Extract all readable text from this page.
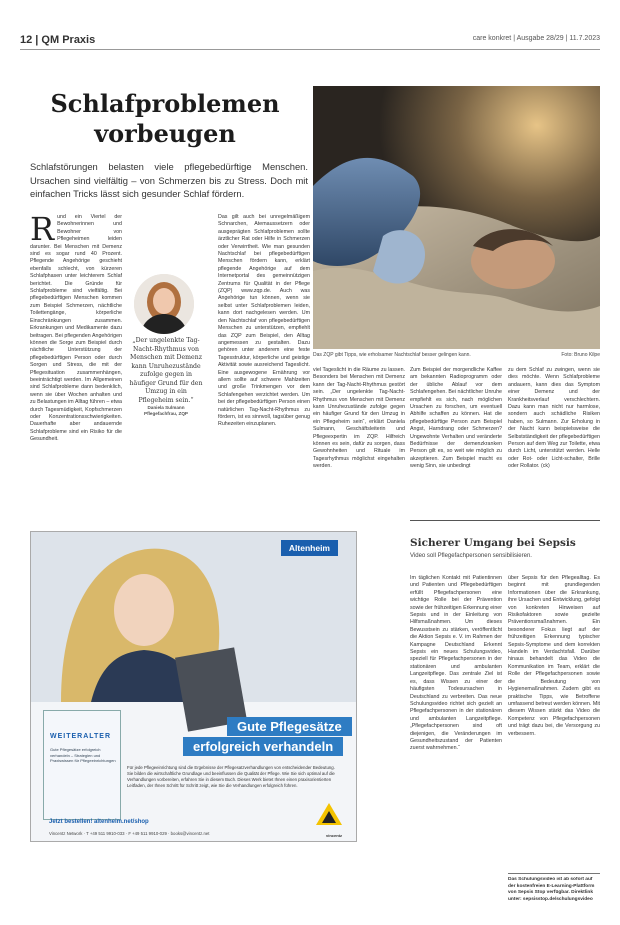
12 | QM Praxis	care konkret | Ausgabe 28/29 | 11.7.2023
Schlafproblemen
vorbeugen

Schlafstörungen belasten viele pflegebedürftige Menschen. Ursachen sind vielfältig – von Schmerzen bis zu Stress. Doch mit einfachen Tricks lässt sich gesunder Schlaf fördern.

Das ZQP gibt Tipps, wie erholsamer Nachtschlaf besser gelingen kann.	Foto: Bruno Kilpe
Rund ein Viertel der Bewohnerinnen und Bewohner von Pflegeheimen leiden darunter. Bei Menschen mit Demenz sind es sogar rund 40 Prozent. Pflegende Angehörige geschieht ebenfalls schlecht, von kürzeren Schlafphasen unter leichterem Schlaf berichtet. Die Gründe für Schlafprobleme sind vielfältig. Bei pflegebedürftigen Menschen kommen zum Beispiel Schmerzen, nächtliche Toilettengänge, körperliche Einschränkungen zusammen. Erkrankungen und Medikamente dazu beitragen. Bei pflegenden Angehörigen können die Sorge zum Beispiel durch nächtliche Unterstützung der pflegebedürftigen Person oder durch Sorgen und Stress, die mit der Pflegesituation zusammenhängen, beeinträchtigt werden. Im Allgemeinen sind Schlafprobleme dann bedenklich, wenn sie über Wochen anhalten und zu Belastungen im Alltag führen – etwa durch Tagesmüdigkeit, Kopfschmerzen oder Konzentrationsschwierigkeiten. Dauerhafte aber andauernde Schlafprobleme sind ein Risiko für die Gesundheit.

„Der ungelenkte Tag-Nacht-Rhythmus von Menschen mit Demenz kann Unruhezustände zufolge gegen in häufiger Grund für den Umzug in ein Pflegeheim sein.“

Daniela Sulmann
Pflegefachfrau, ZQP
Das gilt auch bei unregelmäßigem Schnarchen, Atemaussetzern oder ausgeprägten Schlafproblemen sollte ärztlicher Rat oder Hilfe in Schmerzen oder Verwirrtheit. Wie man gesunden Nachtschlaf bei pflegebedürftigen Menschen fördern kann, erklärt pflegende Angehörige auf dem Internetportal des gemeinnützigen Zentrums für Qualität in der Pflege (ZQP) www.zqp.de. Auch was Angehörige tun können, wenn sie selbst unter Schlafproblemen leiden, kann dort nachgelesen werden. Um den Nachtschlaf von pflegebedürftigen Menschen zu unterstützen, empfiehlt das ZQP zum Beispiel, den Alltag angemessen zu gestalten. Dazu gehören unter anderem eine feste Tagesstruktur, körperliche und geistige Aktivität sowie ausreichend Tageslicht. Eine ausgewogene Ernährung vor allem sollte auf schwere Mahlzeiten und große Trinkmengen vor dem Schlafengehen verzichtet werden. Um bei der pflegebedürftigen Person einen natürlichen Tag-Nacht-Rhythmus zu fördern, ist es sinnvoll, tagsüber genug Ruhezeiten einzuplanen.
viel Tageslicht in die Räume zu lassen. Besonders bei Menschen mit Demenz kann der Tag-Nacht-Rhythmus gestört sein. „Der ungelenkte Tag-Nacht-Rhythmus von Menschen mit Demenz kann Unruhezustände zufolge gegen ein häufiger Grund für den Umzug in ein Pflegeheim sein“, erklärt Daniela Sulmann, Geschäftsleiterin und Pflegeexpertin im ZQP. Hilfreich können es sein, dafür zu sorgen, dass Gewohnheiten und Rituale im Tagesrhythmus möglichst eingehalten werden.
Zum Beispiel der morgendliche Kaffee am bekannten Radioprogramm oder der übliche Ablauf vor dem Schlafengehen. Bei nächtlicher Unruhe empfiehlt es sich, nach möglichen Ursachen zu forschen, um eventuell Abhilfe schaffen zu können. Hat die pflegebedürftige Person zum Beispiel Angst, Harndrang oder Schmerzen? Ungewohnte Verhalten und veränderte Bedürfnisse der demenzkranken Person gilt es, so weit wie möglich zu akzeptieren. Zum Beispiel macht es wenig Sinn, sie unbedingt
zu dem Schlaf zu zwingen, wenn sie dies möchte. Wenn Schlafprobleme andauern, kann dies das Symptom einer Demenz und der Krankheitsverlauf verschlechtern. Dazu kann man nicht nur harmlose, sondern auch schädliche Risiken haben, so Sulmann. Zur Erholung in der Nacht kann beispielsweise die Selbstständigkeit der pflegebedürftigen Person auf dem Weg zur Toilette, etwa durch Licht, unterstützt werden. Helle oder Rot- oder Licht-schalter, Brille oder Rollator. (ck)
Altenheim
Gute Pflegesätze
erfolgreich verhandeln
WEITERALTER
Gute Pflegesätze erfolgreich verhandeln – Strategien und Praxiswissen für Pflegeeinrichtungen

Für jede Pflegeeinrichtung sind die Ergebnisse der Pflegesatzverhandlungen von entscheidender Bedeutung. Sie bilden die wirtschaftliche Grundlage und beeinflussen die Qualität der Pflege. Wie Sie sich optimal auf die Verhandlungen vorbereiten, erfahren Sie in diesem Buch. Dieses Werk bietet Ihnen einen praxisorientierten Leitfaden, der Ihnen Schritt für Schritt zeigt, wie Sie die Verhandlungen erfolgreich führen.

Jetzt bestellen! altenheim.net/shop
Vincentz Network · T +49 511 9910-033 · F +49 511 9910-029 · books@vincentz.net	vincentz
Sicherer Umgang bei Sepsis
Video soll Pflegefachpersonen sensibilisieren.
Im täglichen Kontakt mit Patientinnen und Patienten und Pflegebedürftigen erfüllt Pflegefachpersonen eine wichtige Rolle bei der Prävention sowie der frühzeitigen Erkennung einer Sepsis und in der Einleitung von Hilfsmaßnahmen. Um dieses Bewusstsein zu stärken, veröffentlicht die Aktion Sepsis e. V. im Rahmen der Kampagne Deutschland Erkennt Sepsis ein neues Schulungsvideo, speziell für Pflegefachpersonen in der stationären und ambulanten Langzeitpflege. Das zentrale Ziel ist es, dass Wissen zu einer der häufigsten Todesursachen in Deutschland zu verbreiten. Das neue Schulungsvideo richtet sich gezielt an Pflegefachpersonen in der stationären und ambulanten Langzeitpflege. „Pflegefachpersonen sind oft diejenigen, die Veränderungen im Gesundheitszustand der Patienten zuerst wahrnehmen.“
über Sepsis für den Pflegealltag. Es beginnt mit grundlegenden Informationen über die Erkrankung, ihre Ursachen und Entwicklung, gefolgt von konkreten Hinweisen auf Risikofaktoren sowie gezielte Präventionsmaßnahmen. Ein besonderer Fokus liegt auf der frühzeitigen Erkennung typischer Sepsis-Symptome und dem korrekten Handeln im Verdachtsfall. Darüber hinaus behandelt das Video die Kommunikation im Team, erklärt die Rolle der Pflegefachpersonen sowie die Bedeutung von Hygienemaßnahmen. Zudem gibt es praktische Tipps, wie Betroffene umfassend betreut werden können. Mit diesem Wissen stärkt das Video die Kompetenz von Pflegefachpersonen und trägt dazu bei, die Versorgung zu verbessern.
Das Schulungsvideo ist ab sofort auf der kostenfreien E-Learning-Plattform von Sepsis Stop verfügbar. Direktlink unter: sepsisstop.de/schulungsvideo
